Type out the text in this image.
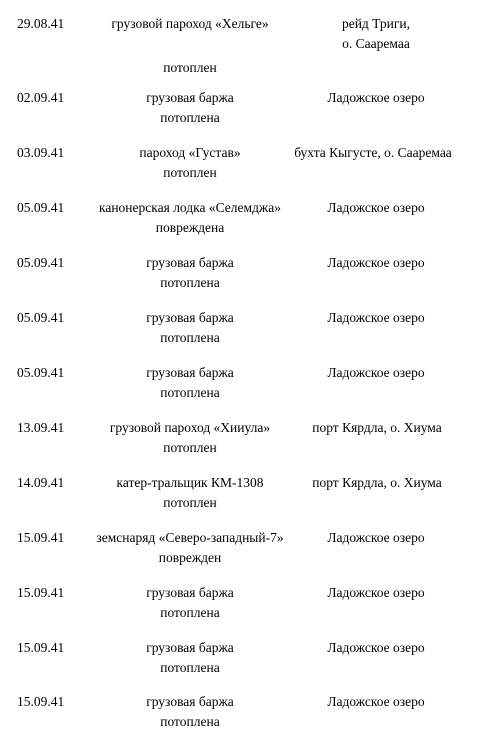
29.08.41	грузовой пароход «Хельге»	рейд Триги,
о. Сааремаа
потоплен
02.09.41	грузовая баржа	Ладожское озеро
потоплена
03.09.41	пароход «Густав»	бухта Кыгусте, о. Сааремаа
потоплен
05.09.41	канонерская лодка «Селемджа»	Ладожское озеро
повреждена
05.09.41	грузовая баржа	Ладожское озеро
потоплена
05.09.41	грузовая баржа	Ладожское озеро
потоплена
05.09.41	грузовая баржа	Ладожское озеро
потоплена
13.09.41	грузовой пароход «Хииула»	порт Кярдла, о. Хиума
потоплен
14.09.41	катер-тральщик КМ-1308	порт Кярдла, о. Хиума
потоплен
15.09.41	земснаряд «Северо-западный-7»	Ладожское озеро
поврежден
15.09.41	грузовая баржа	Ладожское озеро
потоплена
15.09.41	грузовая баржа	Ладожское озеро
потоплена
15.09.41	грузовая баржа	Ладожское озеро
потоплена
